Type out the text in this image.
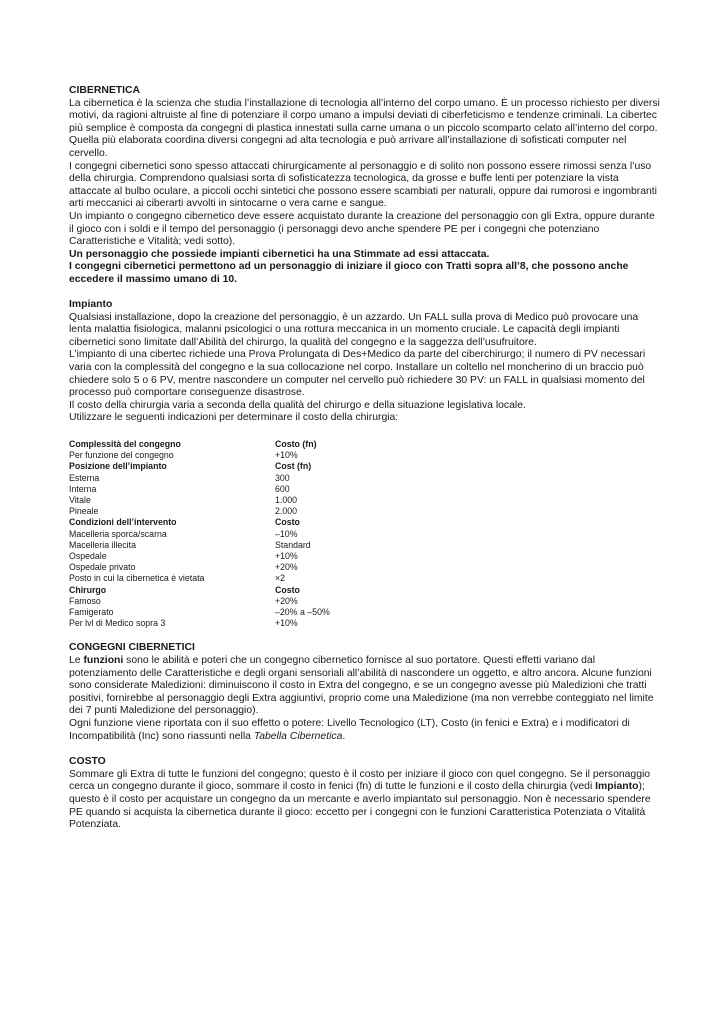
CIBERNETICA

La cibernetica è la scienza che studia l’installazione di tecnologia all’interno del corpo umano. È un processo richiesto per diversi motivi, da ragioni altruiste al fine di potenziare il corpo umano a impulsi deviati di ciberfeticismo e tendenze criminali. La cibertec più semplice è composta da congegni di plastica innestati sulla carne umana o un piccolo scomparto celato all’interno del corpo. Quella più elaborata coordina diversi congegni ad alta tecnologia e può arrivare all’installazione di sofisticati computer nel cervello.

I congegni cibernetici sono spesso attaccati chirurgicamente al personaggio e di solito non possono essere rimossi senza l’uso della chirurgia. Comprendono qualsiasi sorta di sofisticatezza tecnologica, da grosse e buffe lenti per potenziare la vista attaccate al bulbo oculare, a piccoli occhi sintetici che possono essere scambiati per naturali, oppure dai rumorosi e ingombranti arti meccanici ai ciberarti avvolti in sintocarne o vera carne e sangue.

Un impianto o congegno cibernetico deve essere acquistato durante la creazione del personaggio con gli Extra, oppure durante il gioco con i soldi e il tempo del personaggio (i personaggi devo anche spendere PE per i congegni che potenziano Caratteristiche e Vitalità; vedi sotto).

Un personaggio che possiede impianti cibernetici ha una Stimmate ad essi attaccata.

I congegni cibernetici permettono ad un personaggio di iniziare il gioco con Tratti sopra all’8, che possono anche eccedere il massimo umano di 10.

Impianto

Qualsiasi installazione, dopo la creazione del personaggio, è un azzardo. Un FALL sulla prova di Medico può provocare una lenta malattia fisiologica, malanni psicologici o una rottura meccanica in un momento cruciale. Le capacità degli impianti cibernetici sono limitate dall’Abilità del chirurgo, la qualità del congegno e la saggezza dell’usufruitore.

L’impianto di una cibertec richiede una Prova Prolungata di Des+Medico da parte del ciberchirurgo; il numero di PV necessari varia con la complessità del congegno e la sua collocazione nel corpo. Installare un coltello nel moncherino di un braccio può chiedere solo 5 o 6 PV, mentre nascondere un computer nel cervello può richiedere 30 PV: un FALL in qualsiasi momento del processo può comportare conseguenze disastrose.

Il costo della chirurgia varia a seconda della qualità del chirurgo e della situazione legislativa locale.

Utilizzare le seguenti indicazioni per determinare il costo della chirurgia:

Complessità del congegno	Costo (fn)
Per funzione del congegno	+10%
Posizione dell’impianto	Cost (fn)
Esterna	300
Interna	600
Vitale	1.000
Pineale	2.000
Condizioni dell’intervento	Costo
Macelleria sporca/scarna	–10%
Macelleria illecita	Standard
Ospedale	+10%
Ospedale privato	+20%
Posto in cui la cibernetica è vietata	×2
Chirurgo	Costo
Famoso	+20%
Famigerato	–20% a –50%
Per lvl di Medico sopra 3	+10%

CONGEGNI CIBERNETICI

Le funzioni sono le abilità e poteri che un congegno cibernetico fornisce al suo portatore. Questi effetti variano dal potenziamento delle Caratteristiche e degli organi sensoriali all’abilità di nascondere un oggetto, e altro ancora. Alcune funzioni sono considerate Maledizioni: diminuiscono il costo in Extra del congegno, e se un congegno avesse più Maledizioni che tratti positivi, fornirebbe al personaggio degli Extra aggiuntivi, proprio come una Maledizione (ma non verrebbe conteggiato nel limite dei 7 punti Maledizione del personaggio).

Ogni funzione viene riportata con il suo effetto o potere: Livello Tecnologico (LT), Costo (in fenici e Extra) e i modificatori di Incompatibilità (Inc) sono riassunti nella Tabella Cibernetica.

COSTO

Sommare gli Extra di tutte le funzioni del congegno; questo è il costo per iniziare il gioco con quel congegno. Se il personaggio cerca un congegno durante il gioco, sommare il costo in fenici (fn) di tutte le funzioni e il costo della chirurgia (vedi Impianto); questo è il costo per acquistare un congegno da un mercante e averlo impiantato sul personaggio. Non è necessario spendere PE quando si acquista la cibernetica durante il gioco: eccetto per i congegni con le funzioni Caratteristica Potenziata o Vitalità Potenziata.
